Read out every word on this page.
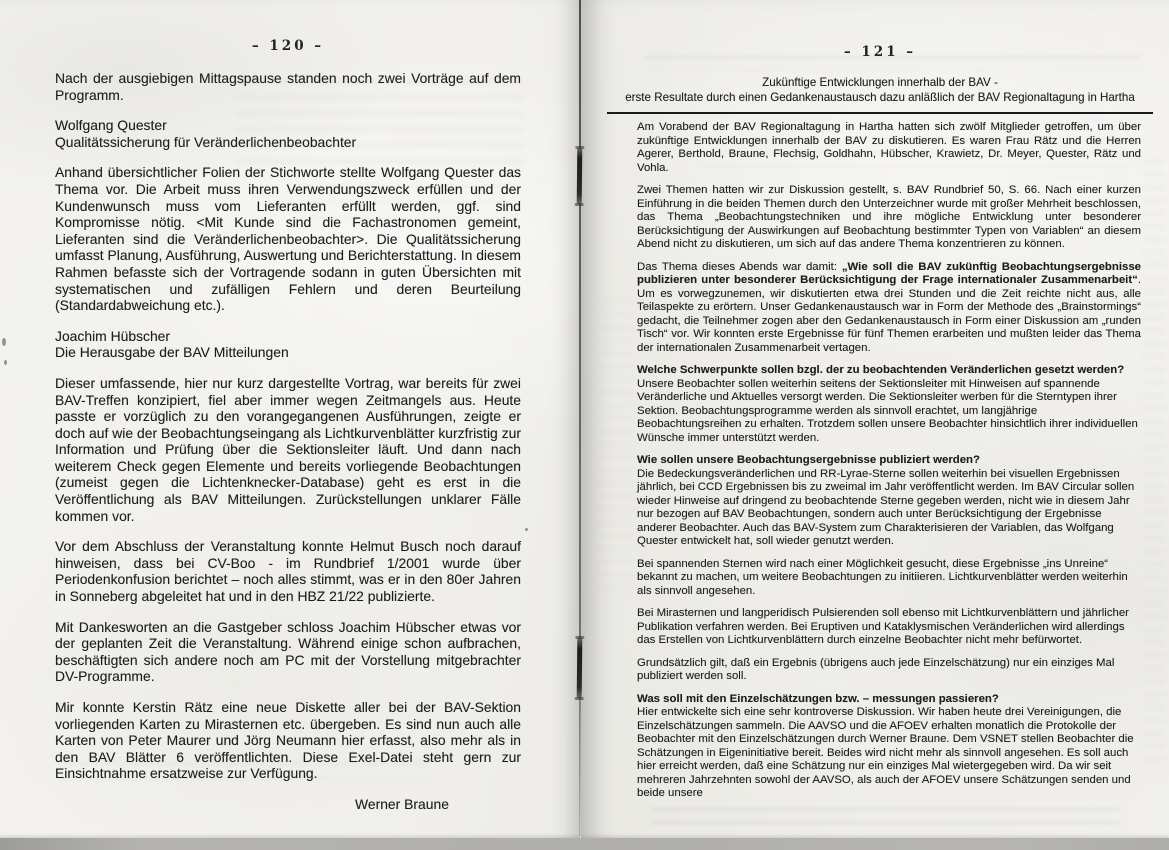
– 120 –

Nach der ausgiebigen Mittagspause standen noch zwei Vorträge auf dem Programm.

Wolfgang Quester

Qualitätssicherung für Veränderlichenbeobachter

Anhand übersichtlicher Folien der Stichworte stellte Wolfgang Quester das Thema vor. Die Arbeit muss ihren Verwendungszweck erfüllen und der Kundenwunsch muss vom Lieferanten erfüllt werden, ggf. sind Kompromisse nötig. <Mit Kunde sind die Fachastronomen gemeint, Lieferanten sind die Veränderlichenbeobachter>. Die Qualitätssicherung umfasst Planung, Ausführung, Auswertung und Berichterstattung. In diesem Rahmen befasste sich der Vortragende sodann in guten Übersichten mit systematischen und zufälligen Fehlern und deren Beurteilung (Standardabweichung etc.).

Joachim Hübscher

Die Herausgabe der BAV Mitteilungen

Dieser umfassende, hier nur kurz dargestellte Vortrag, war bereits für zwei BAV-Treffen konzipiert, fiel aber immer wegen Zeitmangels aus. Heute passte er vorzüglich zu den vorangegangenen Ausführungen, zeigte er doch auf wie der Beobachtungseingang als Lichtkurvenblätter kurzfristig zur Information und Prüfung über die Sektionsleiter läuft. Und dann nach weiterem Check gegen Elemente und bereits vorliegende Beobachtungen (zumeist gegen die Lichtenknecker-Database) geht es erst in die Veröffentlichung als BAV Mitteilungen. Zurückstellungen unklarer Fälle kommen vor.

Vor dem Abschluss der Veranstaltung konnte Helmut Busch noch darauf hinweisen, dass bei CV-Boo - im Rundbrief 1/2001 wurde über Periodenkonfusion berichtet – noch alles stimmt, was er in den 80er Jahren in Sonneberg abgeleitet hat und in den HBZ 21/22 publizierte.

Mit Dankesworten an die Gastgeber schloss Joachim Hübscher etwas vor der geplanten Zeit die Veranstaltung. Während einige schon aufbrachen, beschäftigten sich andere noch am PC mit der Vorstellung mitgebrachter DV-Programme.

Mir konnte Kerstin Rätz eine neue Diskette aller bei der BAV-Sektion vorliegenden Karten zu Mirasternen etc. übergeben. Es sind nun auch alle Karten von Peter Maurer und Jörg Neumann hier erfasst, also mehr als in den BAV Blätter 6 veröffentlichten. Diese Exel-Datei steht gern zur Einsichtnahme ersatzweise zur Verfügung.

Werner Braune

– 121 –
Zukünftige Entwicklungen innerhalb der BAV -
erste Resultate durch einen Gedankenaustausch dazu anläßlich der BAV Regionaltagung in Hartha

Am Vorabend der BAV Regionaltagung in Hartha hatten sich zwölf Mitglieder getroffen, um über zukünftige Entwicklungen innerhalb der BAV zu diskutieren. Es waren Frau Rätz und die Herren Agerer, Berthold, Braune, Flechsig, Goldhahn, Hübscher, Krawietz, Dr. Meyer, Quester, Rätz und Vohla.

Zwei Themen hatten wir zur Diskussion gestellt, s. BAV Rundbrief 50, S. 66. Nach einer kurzen Einführung in die beiden Themen durch den Unterzeichner wurde mit großer Mehrheit beschlossen, das Thema „Beobachtungstechniken und ihre mögliche Entwicklung unter besonderer Berücksichtigung der Auswirkungen auf Beobachtung bestimmter Typen von Variablen“ an diesem Abend nicht zu diskutieren, um sich auf das andere Thema konzentrieren zu können.

Das Thema dieses Abends war damit: „Wie soll die BAV zukünftig Beobachtungsergebnisse publizieren unter besonderer Berücksichtigung der Frage internationaler Zusammenarbeit“. Um es vorwegzunemen, wir diskutierten etwa drei Stunden und die Zeit reichte nicht aus, alle Teilaspekte zu erörtern. Unser Gedankenaustausch war in Form der Methode des „Brainstormings“ gedacht, die Teilnehmer zogen aber den Gedankenaustausch in Form einer Diskussion am „runden Tisch“ vor. Wir konnten erste Ergebnisse für fünf Themen erarbeiten und mußten leider das Thema der internationalen Zusammenarbeit vertagen.

Welche Schwerpunkte sollen bzgl. der zu beobachtenden Veränderlichen gesetzt werden?

Unsere Beobachter sollen weiterhin seitens der Sektionsleiter mit Hinweisen auf spannende Veränderliche und Aktuelles versorgt werden. Die Sektionsleiter werben für die Sterntypen ihrer Sektion. Beobachtungsprogramme werden als sinnvoll erachtet, um langjährige Beobachtungsreihen zu erhalten. Trotzdem sollen unsere Beobachter hinsichtlich ihrer individuellen Wünsche immer unterstützt werden.

Wie sollen unsere Beobachtungsergebnisse publiziert werden?

Die Bedeckungsveränderlichen und RR-Lyrae-Sterne sollen weiterhin bei visuellen Ergebnissen jährlich, bei CCD Ergebnissen bis zu zweimal im Jahr veröffentlicht werden. Im BAV Circular sollen wieder Hinweise auf dringend zu beobachtende Sterne gegeben werden, nicht wie in diesem Jahr nur bezogen auf BAV Beobachtungen, sondern auch unter Berücksichtigung der Ergebnisse anderer Beobachter. Auch das BAV-System zum Charakterisieren der Variablen, das Wolfgang Quester entwickelt hat, soll wieder genutzt werden.

Bei spannenden Sternen wird nach einer Möglichkeit gesucht, diese Ergebnisse „ins Unreine“ bekannt zu machen, um weitere Beobachtungen zu initiieren. Lichtkurvenblätter werden weiterhin als sinnvoll angesehen.

Bei Mirasternen und langperidisch Pulsierenden soll ebenso mit Lichtkurvenblättern und jährlicher Publikation verfahren werden. Bei Eruptiven und Kataklysmischen Veränderlichen wird allerdings das Erstellen von Lichtkurvenblättern durch einzelne Beobachter nicht mehr befürwortet.

Grundsätzlich gilt, daß ein Ergebnis (übrigens auch jede Einzelschätzung) nur ein einziges Mal publiziert werden soll.

Was soll mit den Einzelschätzungen bzw. – messungen passieren?

Hier entwickelte sich eine sehr kontroverse Diskussion. Wir haben heute drei Vereinigungen, die Einzelschätzungen sammeln. Die AAVSO und die AFOEV erhalten monatlich die Protokolle der Beobachter mit den Einzelschätzungen durch Werner Braune. Dem VSNET stellen Beobachter die Schätzungen in Eigeninitiative bereit. Beides wird nicht mehr als sinnvoll angesehen. Es soll auch hier erreicht werden, daß eine Schätzung nur ein einziges Mal wietergegeben wird. Da wir seit mehreren Jahrzehnten sowohl der AAVSO, als auch der AFOEV unsere Schätzungen senden und beide unsere
